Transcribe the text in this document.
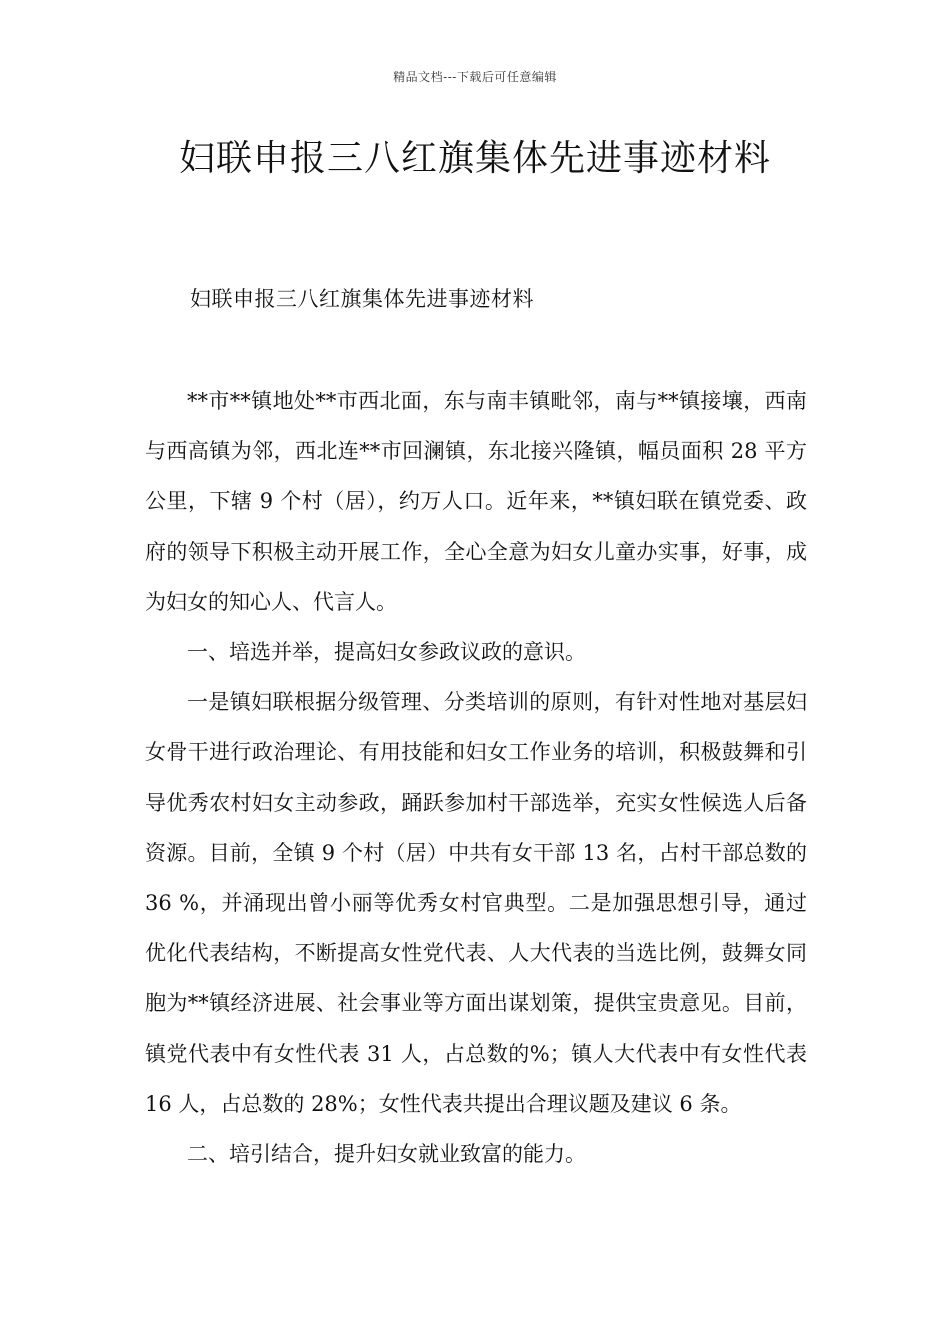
精品文档---下载后可任意编辑
妇联申报三八红旗集体先进事迹材料
妇联申报三八红旗集体先进事迹材料

**市**镇地处**市西北面，东与南丰镇毗邻，南与**镇接壤，西南与西高镇为邻，西北连**市回澜镇，东北接兴隆镇，幅员面积 28 平方公里，下辖 9 个村（居），约万人口。近年来，**镇妇联在镇党委、政府的领导下积极主动开展工作，全心全意为妇女儿童办实事，好事，成为妇女的知心人、代言人。

一、培选并举，提高妇女参政议政的意识。

一是镇妇联根据分级管理、分类培训的原则，有针对性地对基层妇女骨干进行政治理论、有用技能和妇女工作业务的培训，积极鼓舞和引导优秀农村妇女主动参政，踊跃参加村干部选举，充实女性候选人后备资源。目前，全镇 9 个村（居）中共有女干部 13 名，占村干部总数的 36 %，并涌现出曾小丽等优秀女村官典型。二是加强思想引导，通过优化代表结构，不断提高女性党代表、人大代表的当选比例，鼓舞女同胞为**镇经济进展、社会事业等方面出谋划策，提供宝贵意见。目前，镇党代表中有女性代表 31 人，占总数的%；镇人大代表中有女性代表 16 人，占总数的 28%；女性代表共提出合理议题及建议 6 条。

二、培引结合，提升妇女就业致富的能力。
